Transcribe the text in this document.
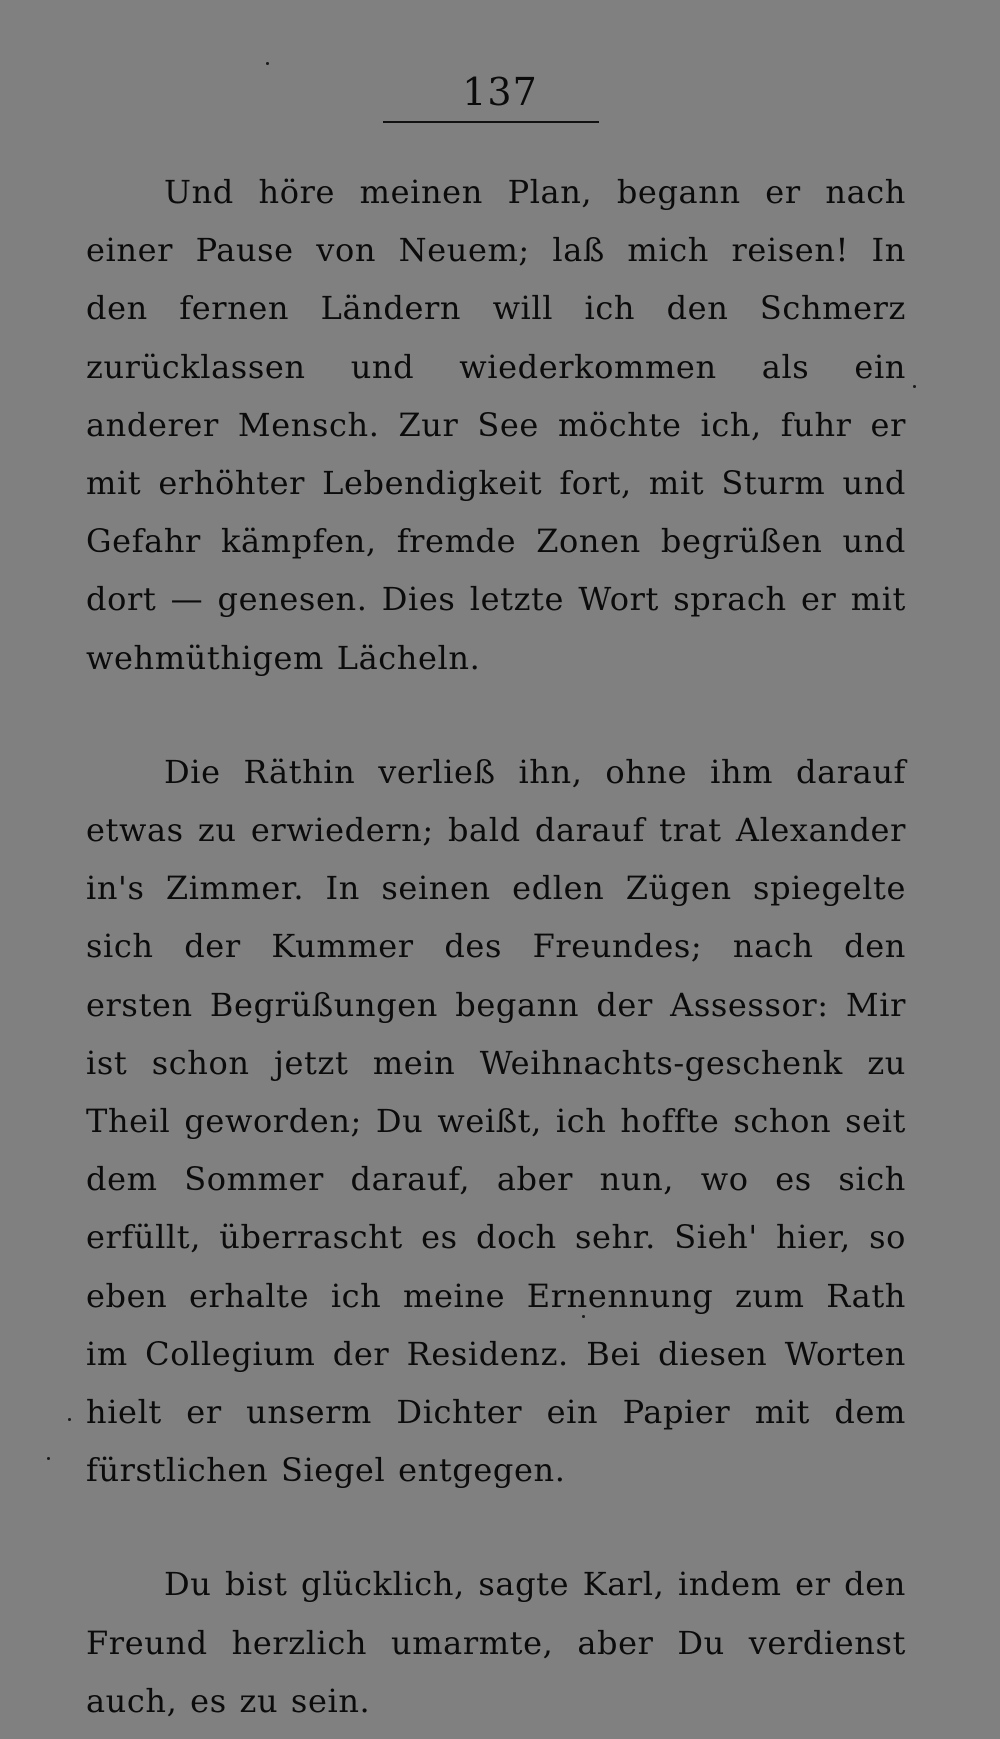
137

Und höre meinen Plan, begann er nach einer Pause von Neuem; laß mich reisen! In den fernen Ländern will ich den Schmerz zurücklassen und wiederkommen als ein anderer Mensch. Zur See möchte ich, fuhr er mit erhöhter Lebendigkeit fort, mit Sturm und Gefahr kämpfen, fremde Zonen begrüßen und dort — genesen. Dies letzte Wort sprach er mit wehmüthigem Lächeln.

Die Räthin verließ ihn, ohne ihm darauf etwas zu erwiedern; bald darauf trat Alexander in's Zimmer. In seinen edlen Zügen spiegelte sich der Kummer des Freundes; nach den ersten Begrüßungen begann der Assessor: Mir ist schon jetzt mein Weihnachts-geschenk zu Theil geworden; Du weißt, ich hoffte schon seit dem Sommer darauf, aber nun, wo es sich erfüllt, überrascht es doch sehr. Sieh' hier, so eben erhalte ich meine Ernennung zum Rath im Collegium der Residenz. Bei diesen Worten hielt er unserm Dichter ein Papier mit dem fürstlichen Siegel entgegen.

Du bist glücklich, sagte Karl, indem er den Freund herzlich umarmte, aber Du verdienst auch, es zu sein.
